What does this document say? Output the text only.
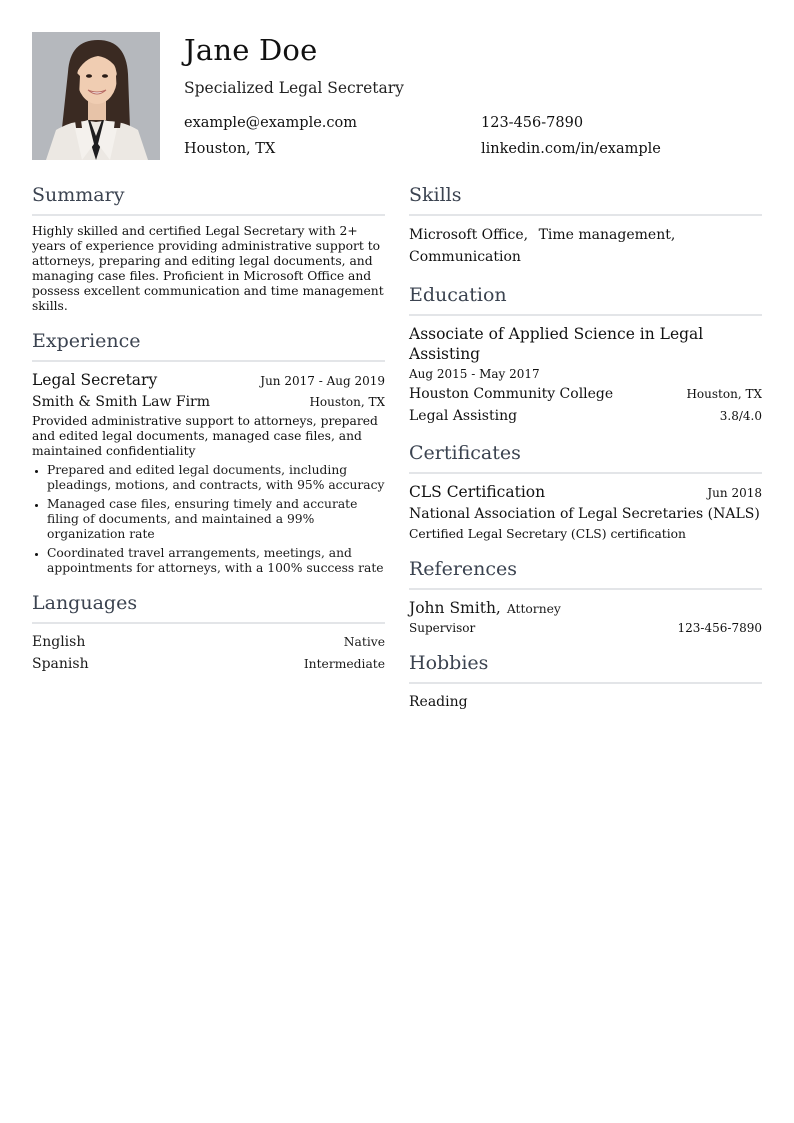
Jane Doe
Specialized Legal Secretary
example@example.com	123-456-7890
Houston, TX	linkedin.com/in/example
Summary
Highly skilled and certified Legal Secretary with 2+ years of experience providing administrative support to attorneys, preparing and editing legal documents, and managing case files. Proficient in Microsoft Office and possess excellent communication and time management skills.
Experience
Legal Secretary	Jun 2017 - Aug 2019
Smith & Smith Law Firm	Houston, TX
Provided administrative support to attorneys, prepared and edited legal documents, managed case files, and maintained confidentiality
Prepared and edited legal documents, including pleadings, motions, and contracts, with 95% accuracy
Managed case files, ensuring timely and accurate filing of documents, and maintained a 99% organization rate
Coordinated travel arrangements, meetings, and appointments for attorneys, with a 100% success rate
Languages
English	Native
Spanish	Intermediate
Skills
Microsoft Office, Time management,
Communication
Education
Associate of Applied Science in Legal Assisting
Aug 2015 - May 2017
Houston Community College	Houston, TX
Legal Assisting	3.8/4.0
Certificates
CLS Certification	Jun 2018
National Association of Legal Secretaries (NALS)
Certified Legal Secretary (CLS) certification
References
John Smith, Attorney
Supervisor	123-456-7890
Hobbies
Reading
